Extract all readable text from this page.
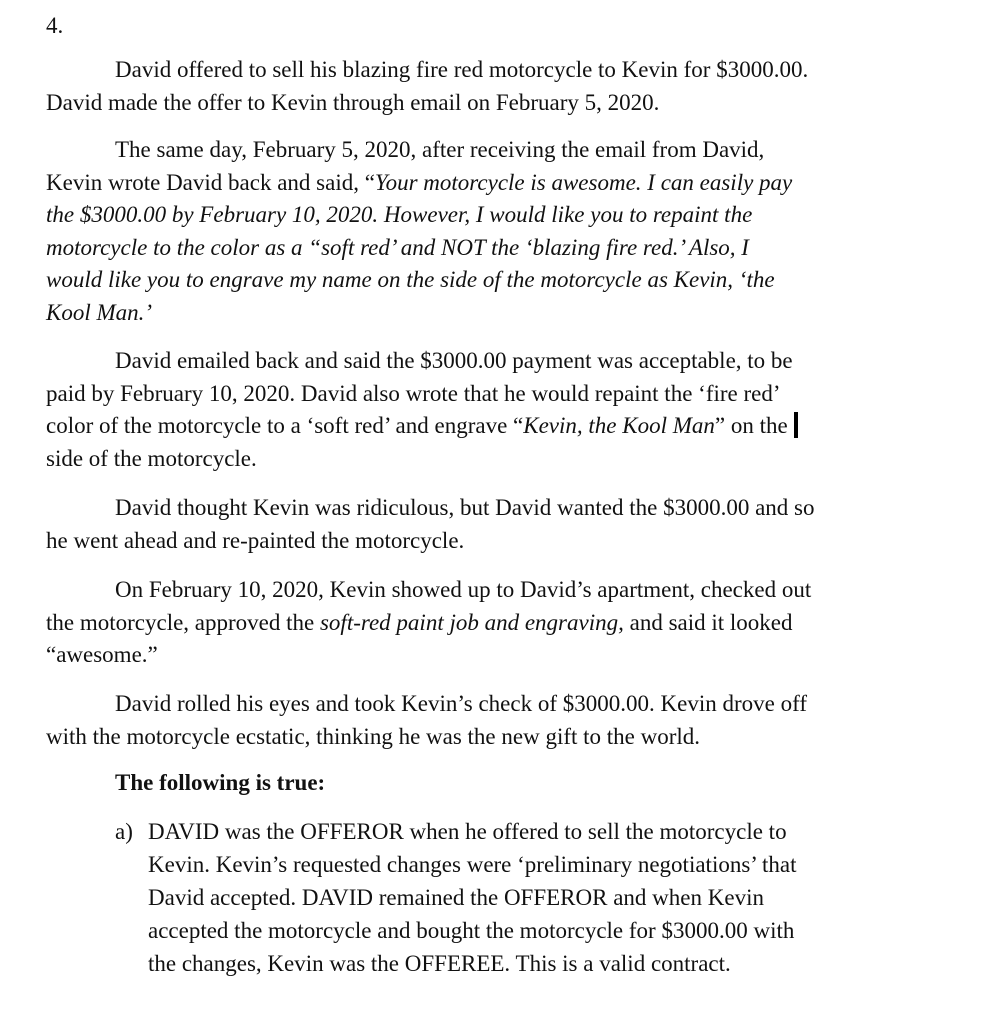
4.
David offered to sell his blazing fire red motorcycle to Kevin for $3000.00.
David made the offer to Kevin through email on February 5, 2020.
The same day, February 5, 2020, after receiving the email from David,
Kevin wrote David back and said, “Your motorcycle is awesome. I can easily pay
the $3000.00 by February 10, 2020. However, I would like you to repaint the
motorcycle to the color as a “soft red’ and NOT the ‘blazing fire red.’ Also, I
would like you to engrave my name on the side of the motorcycle as Kevin, ‘the
Kool Man.’
David emailed back and said the $3000.00 payment was acceptable, to be
paid by February 10, 2020. David also wrote that he would repaint the ‘fire red’
color of the motorcycle to a ‘soft red’ and engrave “Kevin, the Kool Man” on the
side of the motorcycle.
David thought Kevin was ridiculous, but David wanted the $3000.00 and so
he went ahead and re-painted the motorcycle.
On February 10, 2020, Kevin showed up to David’s apartment, checked out
the motorcycle, approved the soft-red paint job and engraving, and said it looked
“awesome.”
David rolled his eyes and took Kevin’s check of $3000.00. Kevin drove off
with the motorcycle ecstatic, thinking he was the new gift to the world.
The following is true:
a) DAVID was the OFFEROR when he offered to sell the motorcycle to
Kevin. Kevin’s requested changes were ‘preliminary negotiations’ that
David accepted. DAVID remained the OFFEROR and when Kevin
accepted the motorcycle and bought the motorcycle for $3000.00 with
the changes, Kevin was the OFFEREE. This is a valid contract.
